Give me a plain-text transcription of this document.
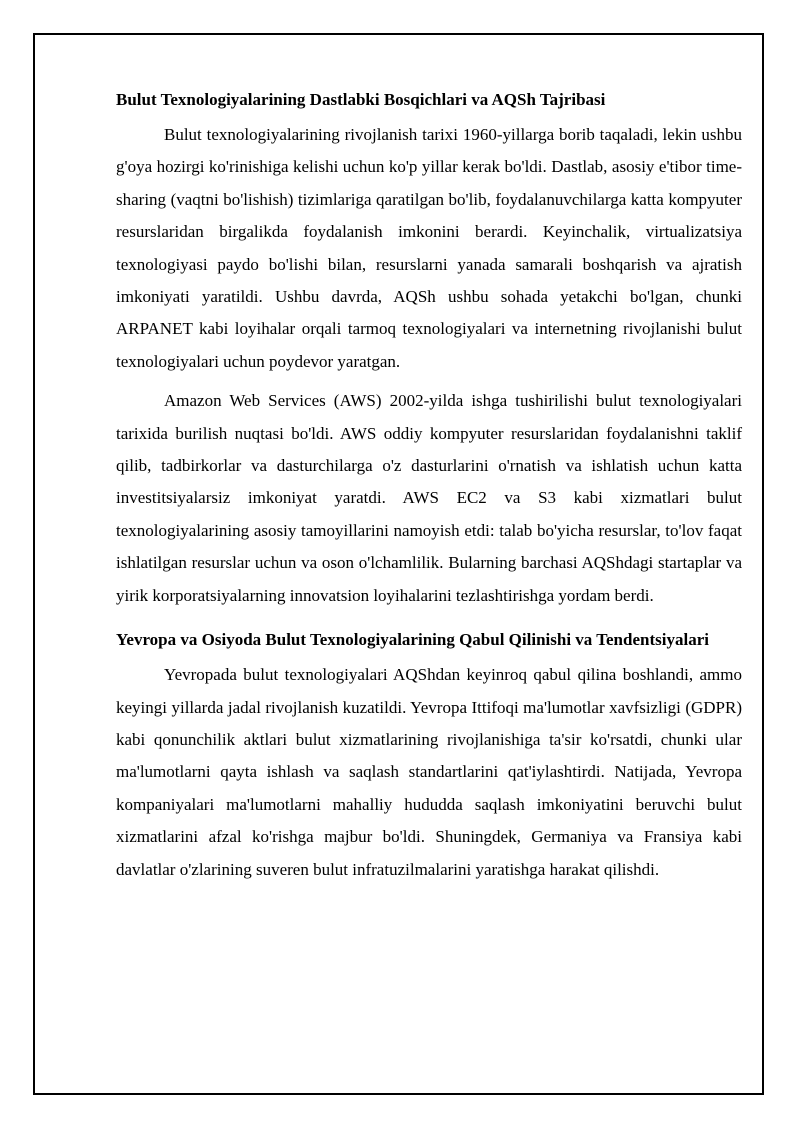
Bulut Texnologiyalarining Dastlabki Bosqichlari va AQSh Tajribasi

Bulut texnologiyalarining rivojlanish tarixi 1960-yillarga borib taqaladi, lekin ushbu g'oya hozirgi ko'rinishiga kelishi uchun ko'p yillar kerak bo'ldi. Dastlab, asosiy e'tibor time-sharing (vaqtni bo'lishish) tizimlariga qaratilgan bo'lib, foydalanuvchilarga katta kompyuter resurslaridan birgalikda foydalanish imkonini berardi. Keyinchalik, virtualizatsiya texnologiyasi paydo bo'lishi bilan, resurslarni yanada samarali boshqarish va ajratish imkoniyati yaratildi. Ushbu davrda, AQSh ushbu sohada yetakchi bo'lgan, chunki ARPANET kabi loyihalar orqali tarmoq texnologiyalari va internetning rivojlanishi bulut texnologiyalari uchun poydevor yaratgan.

Amazon Web Services (AWS) 2002-yilda ishga tushirilishi bulut texnologiyalari tarixida burilish nuqtasi bo'ldi. AWS oddiy kompyuter resurslaridan foydalanishni taklif qilib, tadbirkorlar va dasturchilarga o'z dasturlarini o'rnatish va ishlatish uchun katta investitsiyalarsiz imkoniyat yaratdi. AWS EC2 va S3 kabi xizmatlari bulut texnologiyalarining asosiy tamoyillarini namoyish etdi: talab bo'yicha resurslar, to'lov faqat ishlatilgan resurslar uchun va oson o'lchamlilik. Bularning barchasi AQShdagi startaplar va yirik korporatsiyalarning innovatsion loyihalarini tezlashtirishga yordam berdi.

Yevropa va Osiyoda Bulut Texnologiyalarining Qabul Qilinishi va Tendentsiyalari

Yevropada bulut texnologiyalari AQShdan keyinroq qabul qilina boshlandi, ammo keyingi yillarda jadal rivojlanish kuzatildi. Yevropa Ittifoqi ma'lumotlar xavfsizligi (GDPR) kabi qonunchilik aktlari bulut xizmatlarining rivojlanishiga ta'sir ko'rsatdi, chunki ular ma'lumotlarni qayta ishlash va saqlash standartlarini qat'iylashtirdi. Natijada, Yevropa kompaniyalari ma'lumotlarni mahalliy hududda saqlash imkoniyatini beruvchi bulut xizmatlarini afzal ko'rishga majbur bo'ldi. Shuningdek, Germaniya va Fransiya kabi davlatlar o'zlarining suveren bulut infratuzilmalarini yaratishga harakat qilishdi.
